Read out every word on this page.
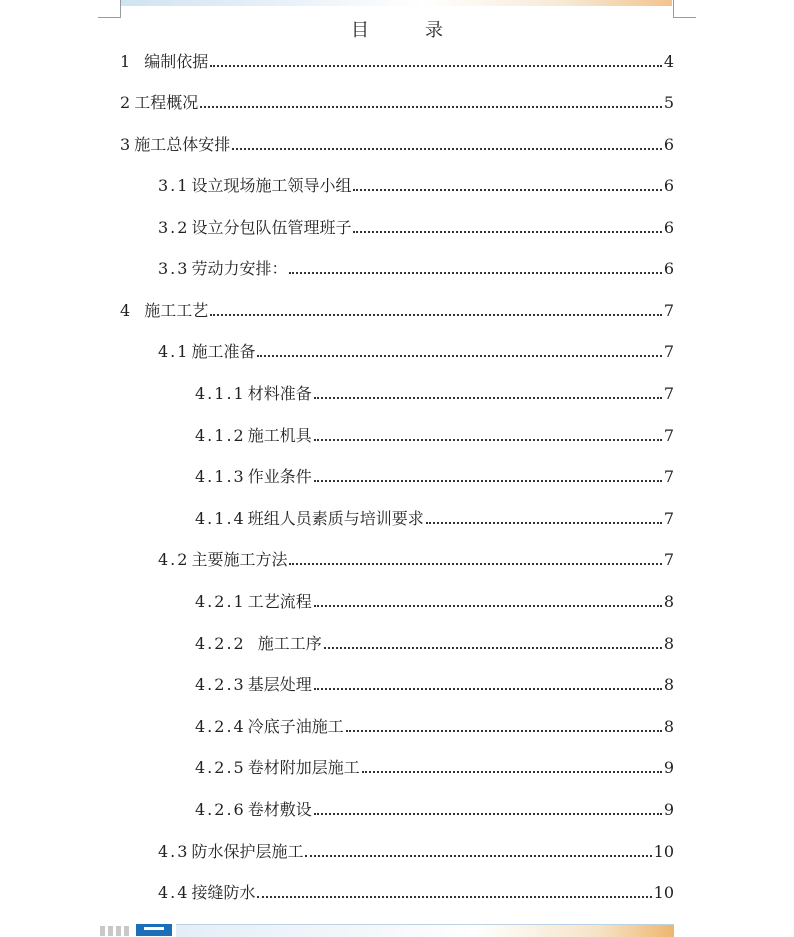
目	录
1 编制依据	4
2 工程概况	5
3 施工总体安排	6
3.1 设立现场施工领导小组	6
3.2 设立分包队伍管理班子	6
3.3 劳动力安排：	6
4 施工工艺	7
4.1 施工准备	7
4.1.1 材料准备	7
4.1.2 施工机具	7
4.1.3 作业条件	7
4.1.4 班组人员素质与培训要求	7
4.2 主要施工方法	7
4.2.1 工艺流程	8
4.2.2 施工工序	8
4.2.3 基层处理	8
4.2.4 冷底子油施工	8
4.2.5 卷材附加层施工	9
4.2.6 卷材敷设	9
4.3 防水保护层施工	10
4.4 接缝防水	10
